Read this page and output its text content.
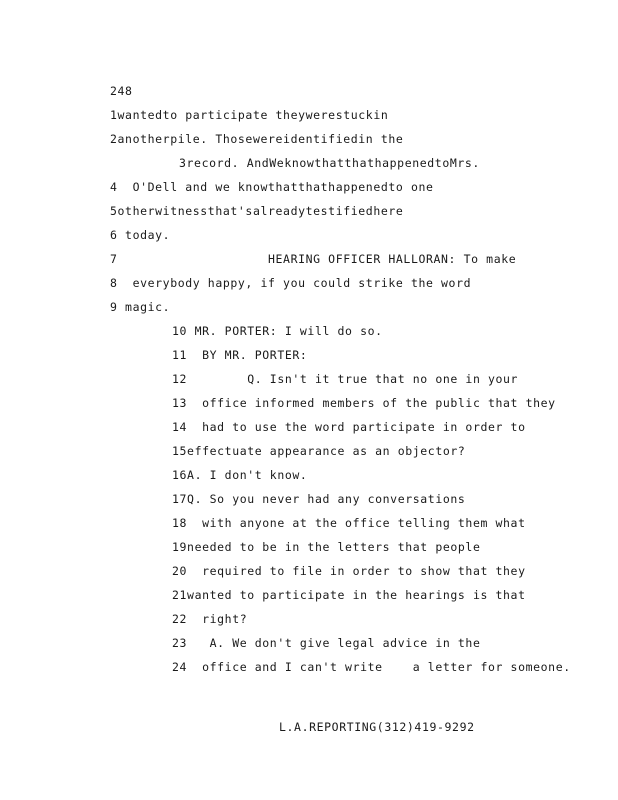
248
1wantedto participate theywerestuckin
2anotherpile. Thosewereidentifiedin the
3record. AndWeknowthatthathappenedtoMrs.
4  O'Dell and we knowthatthathappenedto one
5otherwitnessthat'salreadytestifiedhere
6 today.
7                    HEARING OFFICER HALLORAN: To make
8  everybody happy, if you could strike the word
9 magic.
10 MR. PORTER: I will do so.
11  BY MR. PORTER:
12        Q. Isn't it true that no one in your
13  office informed members of the public that they
14  had to use the word participate in order to
15effectuate appearance as an objector?
16A. I don't know.
17Q. So you never had any conversations
18  with anyone at the office telling them what
19needed to be in the letters that people
20  required to file in order to show that they
21wanted to participate in the hearings is that
22  right?
23   A. We don't give legal advice in the
24  office and I can't write    a letter for someone.
L.A.REPORTING(312)419-9292
